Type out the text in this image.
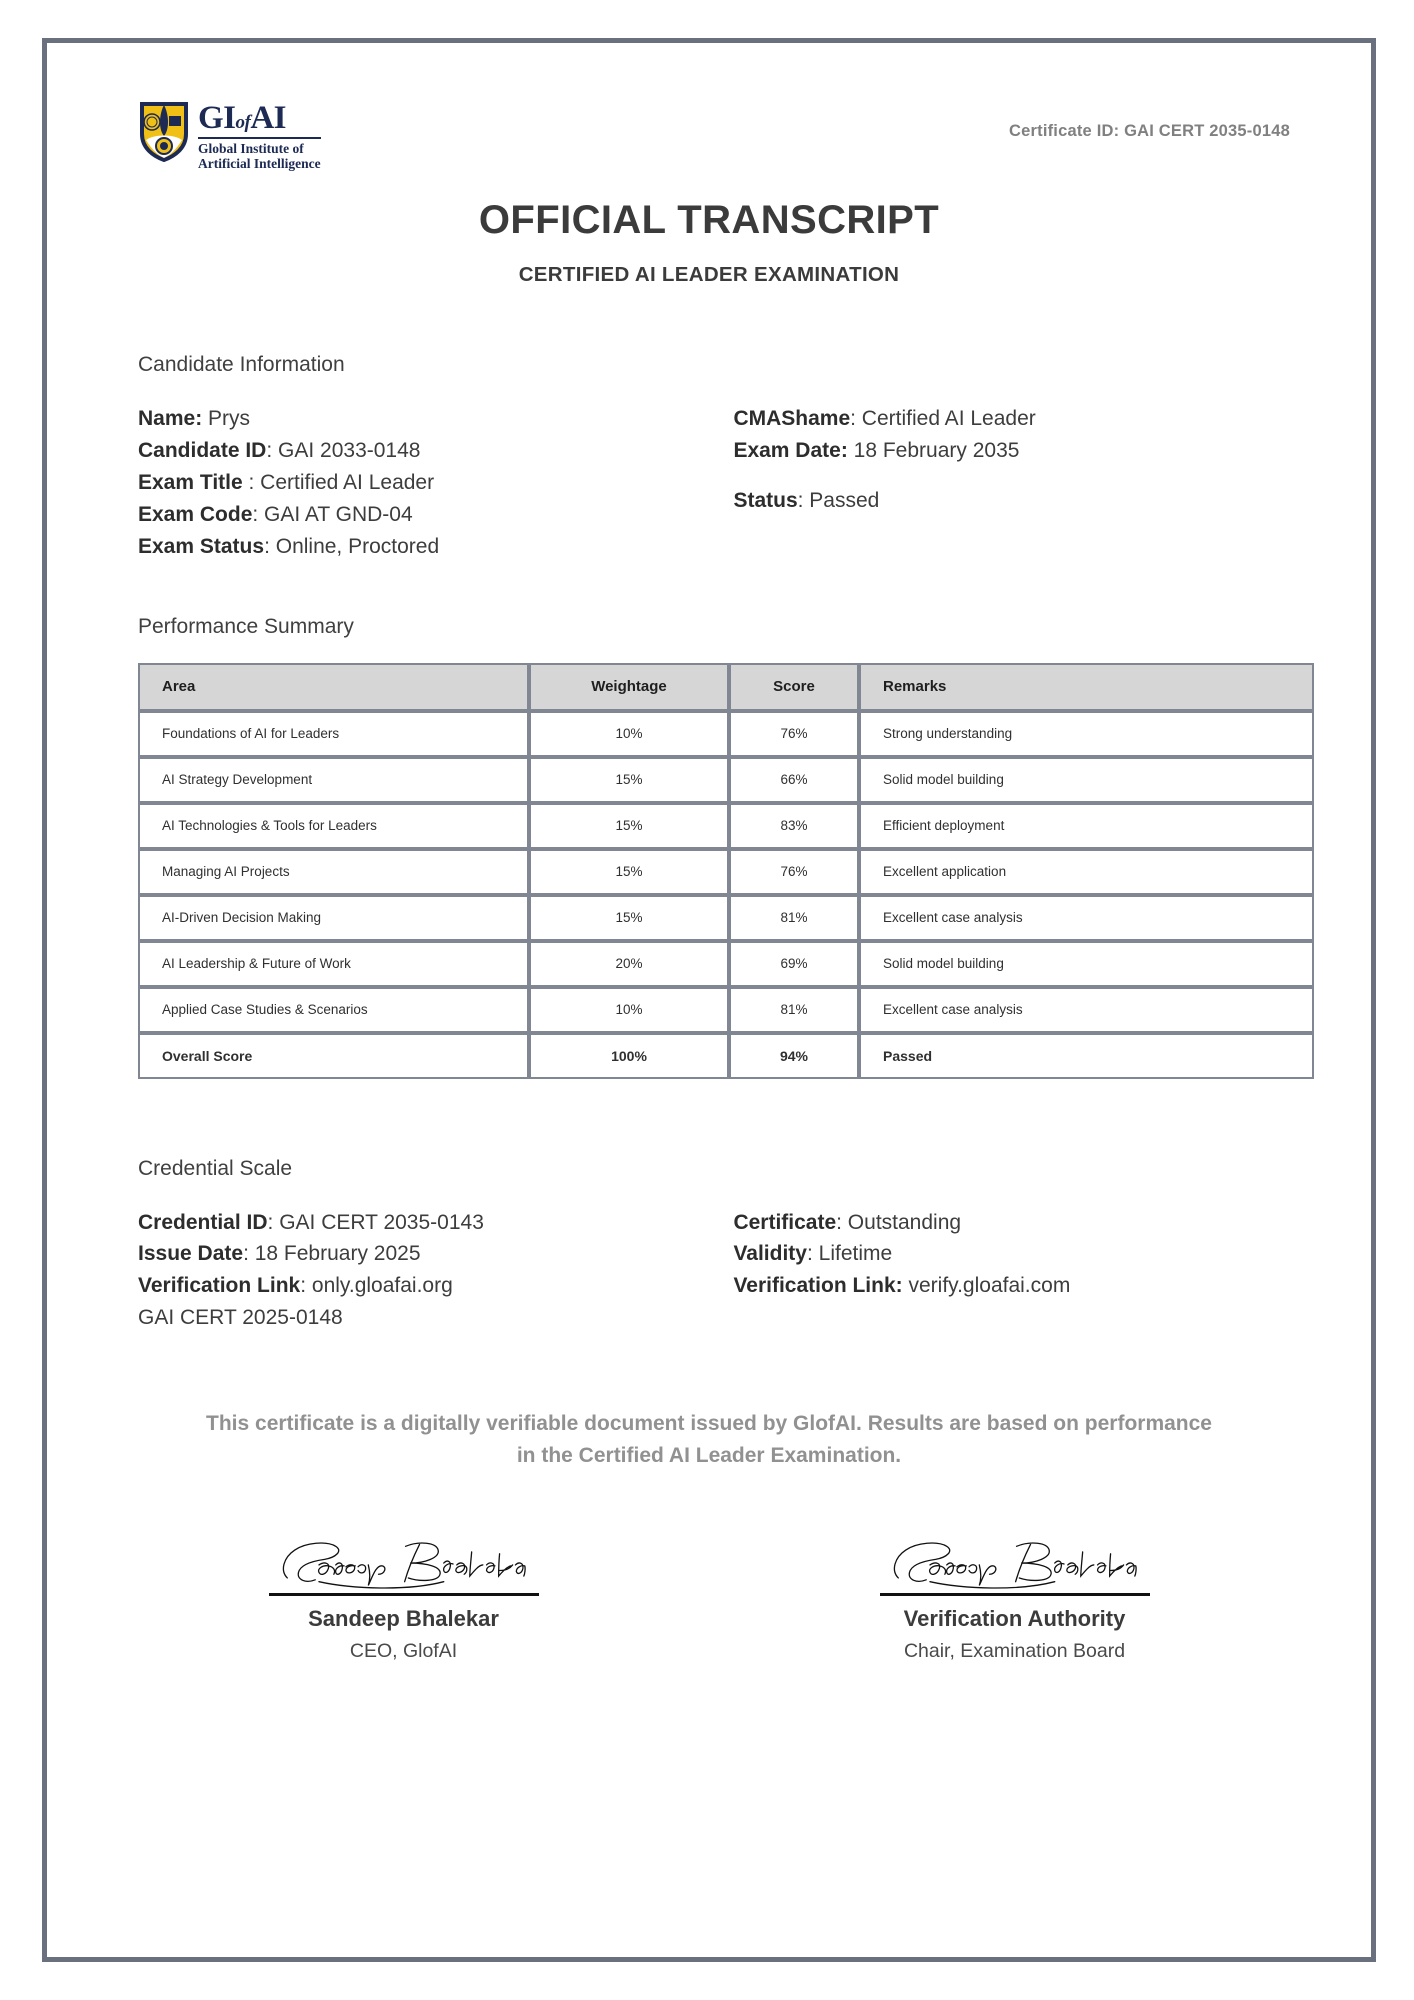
GIofAI
Global Institute of
Artificial Intelligence
Certificate ID: GAI CERT 2035-0148
OFFICIAL TRANSCRIPT
CERTIFIED AI LEADER EXAMINATION
Candidate Information
Name: Prys
Candidate ID: GAI 2033-0148
Exam Title : Certified AI Leader
Exam Code: GAI AT GND-04
Exam Status: Online, Proctored
CMAShame: Certified AI Leader
Exam Date: 18 February 2035
Status: Passed
Performance Summary
Area	Weightage	Score	Remarks
Foundations of AI for Leaders	10%	76%	Strong understanding
AI Strategy Development	15%	66%	Solid model building
AI Technologies & Tools for Leaders	15%	83%	Efficient deployment
Managing AI Projects	15%	76%	Excellent application
AI-Driven Decision Making	15%	81%	Excellent case analysis
AI Leadership & Future of Work	20%	69%	Solid model building
Applied Case Studies & Scenarios	10%	81%	Excellent case analysis
Overall Score	100%	94%	Passed
Credential Scale
Credential ID: GAI CERT 2035-0143
Issue Date: 18 February 2025
Verification Link: only.gloafai.org
GAI CERT 2025-0148
Certificate: Outstanding
Validity: Lifetime
Verification Link: verify.gloafai.com
This certificate is a digitally verifiable document issued by GlofAI. Results are based on performance in the Certified AI Leader Examination.
Sandeep Bhalekar
CEO, GlofAI
Verification Authority
Chair, Examination Board
